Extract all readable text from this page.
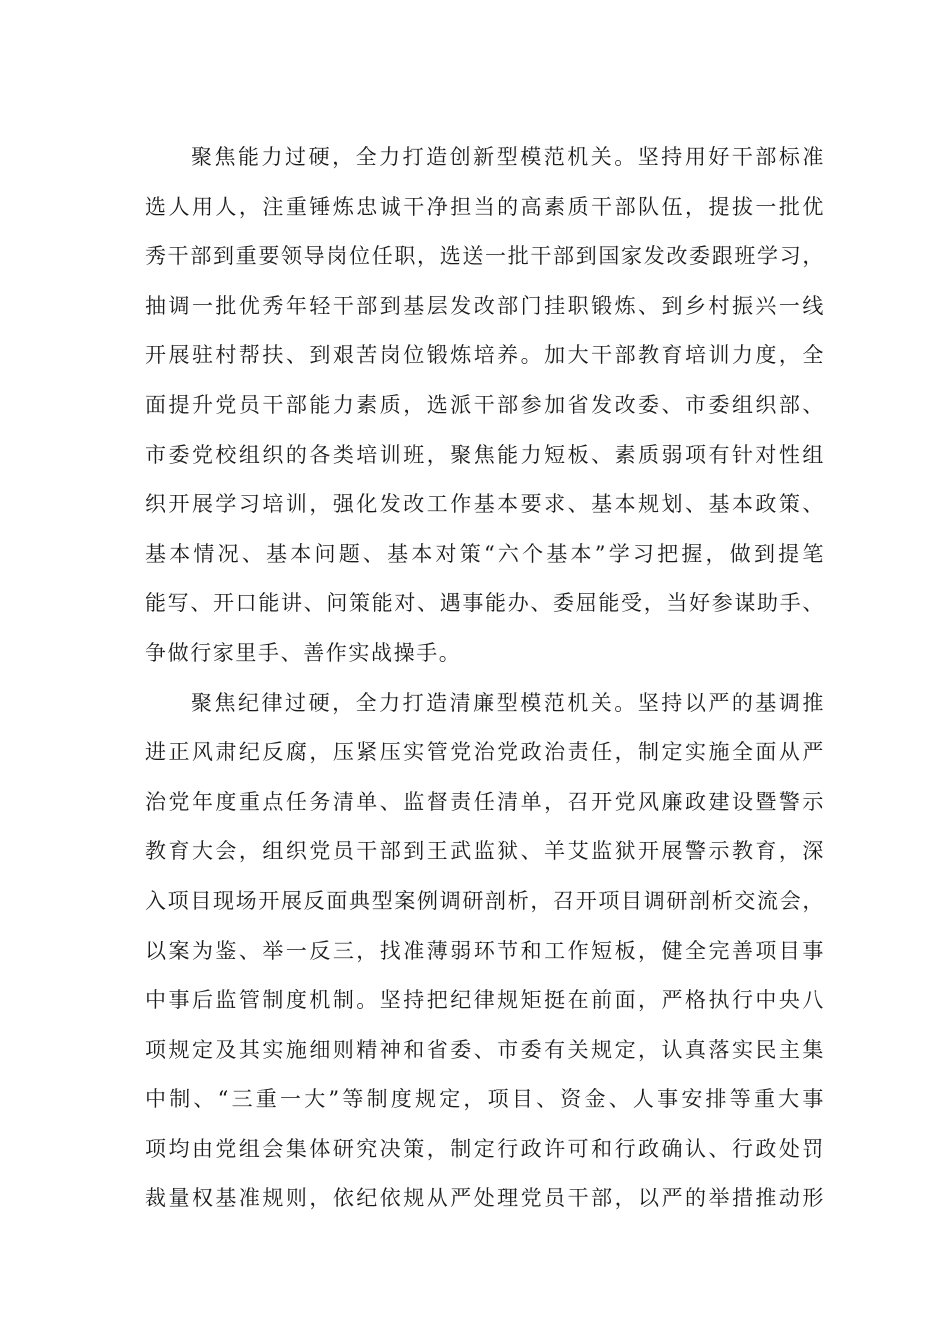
聚焦能力过硬，全力打造创新型模范机关。坚持用好干部标准
选人用人，注重锤炼忠诚干净担当的高素质干部队伍，提拔一批优
秀干部到重要领导岗位任职，选送一批干部到国家发改委跟班学习，
抽调一批优秀年轻干部到基层发改部门挂职锻炼、到乡村振兴一线
开展驻村帮扶、到艰苦岗位锻炼培养。加大干部教育培训力度，全
面提升党员干部能力素质，选派干部参加省发改委、市委组织部、
市委党校组织的各类培训班，聚焦能力短板、素质弱项有针对性组
织开展学习培训，强化发改工作基本要求、基本规划、基本政策、
基本情况、基本问题、基本对策“六个基本”学习把握，做到提笔
能写、开口能讲、问策能对、遇事能办、委屈能受，当好参谋助手、
争做行家里手、善作实战操手。
聚焦纪律过硬，全力打造清廉型模范机关。坚持以严的基调推
进正风肃纪反腐，压紧压实管党治党政治责任，制定实施全面从严
治党年度重点任务清单、监督责任清单，召开党风廉政建设暨警示
教育大会，组织党员干部到王武监狱、羊艾监狱开展警示教育，深
入项目现场开展反面典型案例调研剖析，召开项目调研剖析交流会，
以案为鉴、举一反三，找准薄弱环节和工作短板，健全完善项目事
中事后监管制度机制。坚持把纪律规矩挺在前面，严格执行中央八
项规定及其实施细则精神和省委、市委有关规定，认真落实民主集
中制、“三重一大”等制度规定，项目、资金、人事安排等重大事
项均由党组会集体研究决策，制定行政许可和行政确认、行政处罚
裁量权基准规则，依纪依规从严处理党员干部，以严的举措推动形
